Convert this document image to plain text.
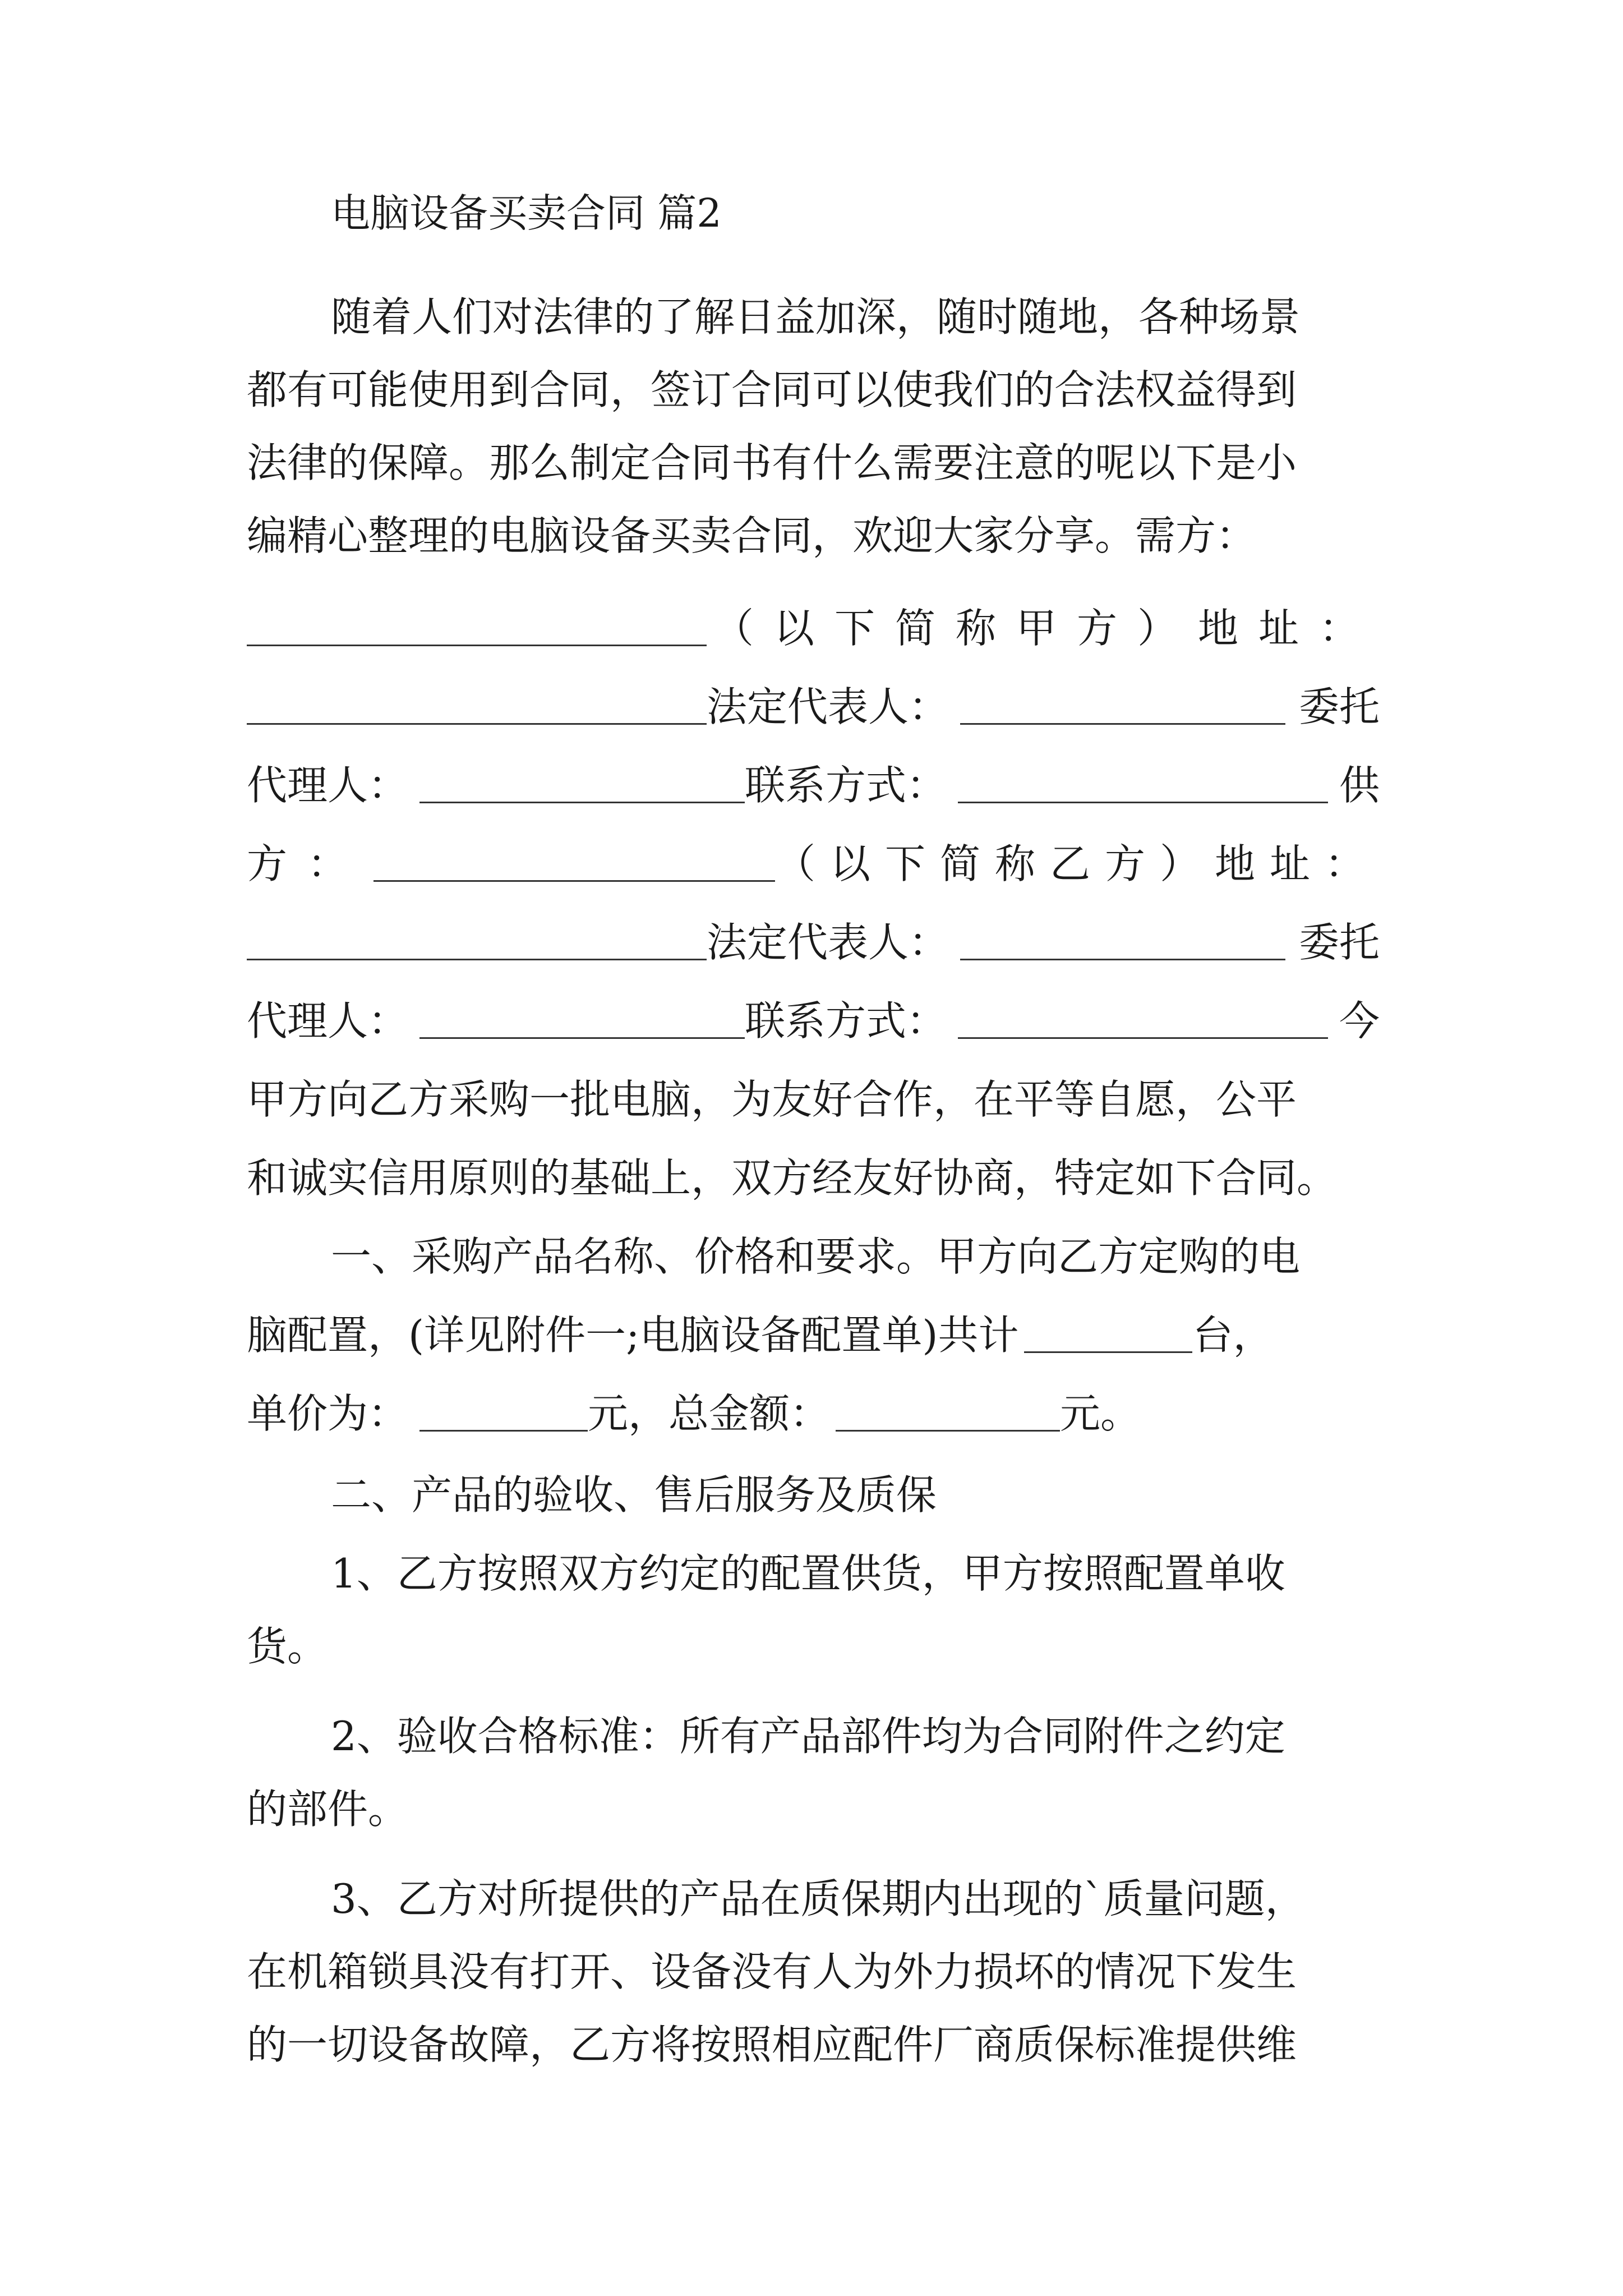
电脑设备买卖合同 篇2
随着人们对法律的了解日益加深，随时随地，各种场景
都有可能使用到合同，签订合同可以使我们的合法权益得到
法律的保障。那么制定合同书有什么需要注意的呢以下是小
编精心整理的电脑设备买卖合同，欢迎大家分享。需方：
（以下简称甲方）地址：
法定代表人：	委托
代理人：	联系方式：	供
方：	（以下简称乙方）地址：
法定代表人：	委托
代理人：	联系方式：	今
甲方向乙方采购一批电脑，为友好合作，在平等自愿，公平
和诚实信用原则的基础上，双方经友好协商，特定如下合同。
一、采购产品名称、价格和要求。甲方向乙方定购的电
脑配置，(详见附件一;电脑设备配置单)共计	台，
单价为：	元，总金额：	元。
二、产品的验收、售后服务及质保
1、乙方按照双方约定的配置供货，甲方按照配置单收
货。
2、验收合格标准：所有产品部件均为合同附件之约定
的部件。
3、乙方对所提供的产品在质保期内出现的`质量问题，
在机箱锁具没有打开、设备没有人为外力损坏的情况下发生
的一切设备故障，乙方将按照相应配件厂商质保标准提供维
